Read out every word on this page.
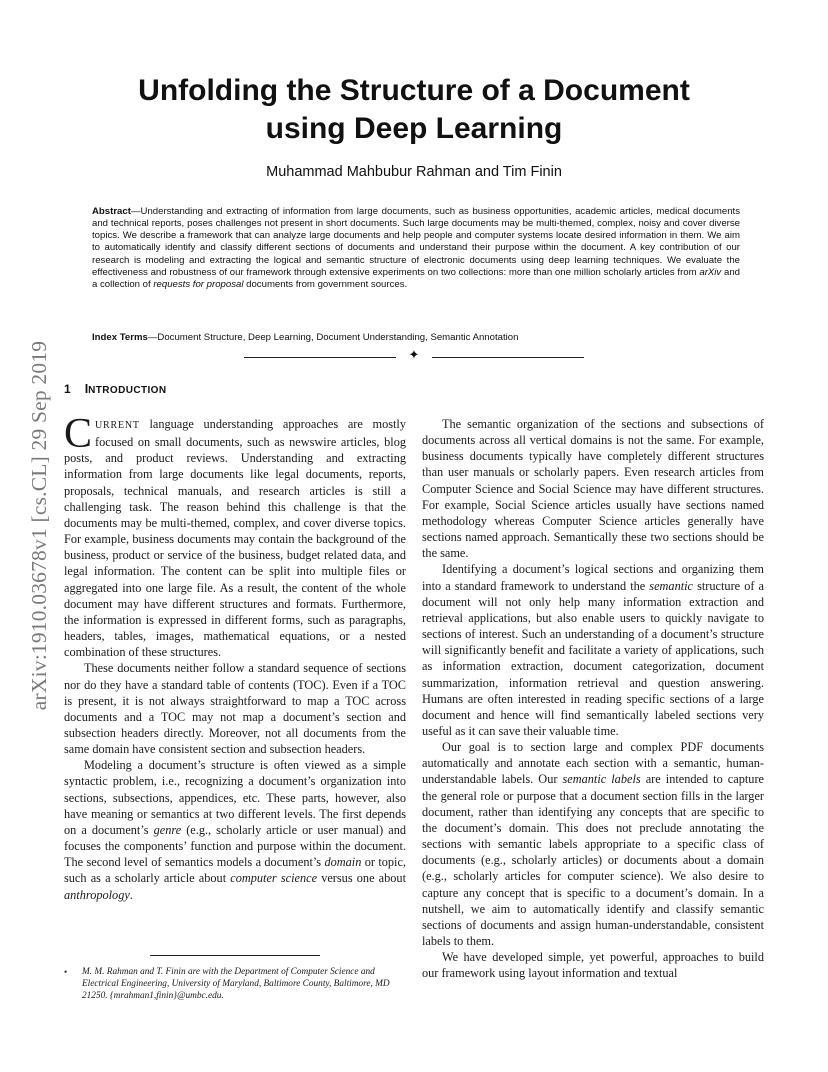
arXiv:1910.03678v1 [cs.CL] 29 Sep 2019
Unfolding the Structure of a Document
using Deep Learning
Muhammad Mahbubur Rahman and Tim Finin
Abstract—Understanding and extracting of information from large documents, such as business opportunities, academic articles, medical documents and technical reports, poses challenges not present in short documents. Such large documents may be multi-themed, complex, noisy and cover diverse topics. We describe a framework that can analyze large documents and help people and computer systems locate desired information in them. We aim to automatically identify and classify different sections of documents and understand their purpose within the document. A key contribution of our research is modeling and extracting the logical and semantic structure of electronic documents using deep learning techniques. We evaluate the effectiveness and robustness of our framework through extensive experiments on two collections: more than one million scholarly articles from arXiv and a collection of requests for proposal documents from government sources.
Index Terms—Document Structure, Deep Learning, Document Understanding, Semantic Annotation
✦
1 INTRODUCTION

CURRENT language understanding approaches are mostly focused on small documents, such as newswire articles, blog posts, and product reviews. Understanding and extracting information from large documents like legal documents, reports, proposals, technical manuals, and research articles is still a challenging task. The reason behind this challenge is that the documents may be multi-themed, complex, and cover diverse topics. For example, business documents may contain the background of the business, product or service of the business, budget related data, and legal information. The content can be split into multiple files or aggregated into one large file. As a result, the content of the whole document may have different structures and formats. Furthermore, the information is expressed in different forms, such as paragraphs, headers, tables, images, mathematical equations, or a nested combination of these structures.

These documents neither follow a standard sequence of sections nor do they have a standard table of contents (TOC). Even if a TOC is present, it is not always straightforward to map a TOC across documents and a TOC may not map a document’s section and subsection headers directly. Moreover, not all documents from the same domain have consistent section and subsection headers.

Modeling a document’s structure is often viewed as a simple syntactic problem, i.e., recognizing a document’s organization into sections, subsections, appendices, etc. These parts, however, also have meaning or semantics at two different levels. The first depends on a document’s genre (e.g., scholarly article or user manual) and focuses the components’ function and purpose within the document. The second level of semantics models a document’s domain or topic, such as a scholarly article about computer science versus one about anthropology.

• M. M. Rahman and T. Finin are with the Department of Computer Science and Electrical Engineering, University of Maryland, Baltimore County, Baltimore, MD 21250. {mrahman1,finin}@umbc.edu.

The semantic organization of the sections and subsections of documents across all vertical domains is not the same. For example, business documents typically have completely different structures than user manuals or scholarly papers. Even research articles from Computer Science and Social Science may have different structures. For example, Social Science articles usually have sections named methodology whereas Computer Science articles generally have sections named approach. Semantically these two sections should be the same.

Identifying a document’s logical sections and organizing them into a standard framework to understand the semantic structure of a document will not only help many information extraction and retrieval applications, but also enable users to quickly navigate to sections of interest. Such an understanding of a document’s structure will significantly benefit and facilitate a variety of applications, such as information extraction, document categorization, document summarization, information retrieval and question answering. Humans are often interested in reading specific sections of a large document and hence will find semantically labeled sections very useful as it can save their valuable time.

Our goal is to section large and complex PDF documents automatically and annotate each section with a semantic, human-understandable labels. Our semantic labels are intended to capture the general role or purpose that a document section fills in the larger document, rather than identifying any concepts that are specific to the document’s domain. This does not preclude annotating the sections with semantic labels appropriate to a specific class of documents (e.g., scholarly articles) or documents about a domain (e.g., scholarly articles for computer science). We also desire to capture any concept that is specific to a document’s domain. In a nutshell, we aim to automatically identify and classify semantic sections of documents and assign human-understandable, consistent labels to them.

We have developed simple, yet powerful, approaches to build our framework using layout information and textual
